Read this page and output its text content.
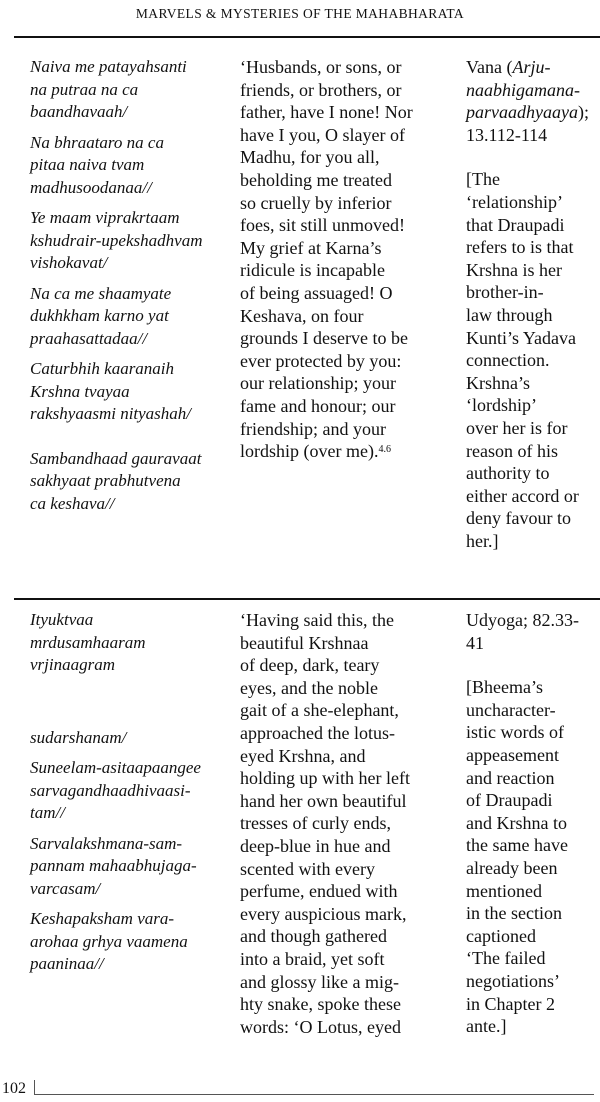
MARVELS & MYSTERIES OF THE MAHABHARATA
Naiva me patayahsanti
na putraa na ca
baandhavaah/
Na bhraataro na ca
pitaa naiva tvam
madhusoodanaa//
Ye maam viprakrtaam
kshudrair-upekshadhvam
vishokavat/
Na ca me shaamyate
dukhkham karno yat
praahasattadaa//
Caturbhih kaaranaih
Krshna tvayaa
rakshyaasmi nityashah/
Sambandhaad gauravaat
sakhyaat prabhutvena
ca keshava//
‘Husbands, or sons, or
friends, or brothers, or
father, have I none! Nor
have I you, O slayer of
Madhu, for you all,
beholding me treated
so cruelly by inferior
foes, sit still unmoved!
My grief at Karna’s
ridicule is incapable
of being assuaged! O
Keshava, on four
grounds I deserve to be
ever protected by you:
our relationship; your
fame and honour; our
friendship; and your
lordship (over me).$^{4.6}$
Vana (Arju-
naabhigamana-
parvaadhyaaya);
13.112-114
[The
‘relationship’
that Draupadi
refers to is that
Krshna is her
brother-in-
law through
Kunti’s Yadava
connection.
Krshna’s
‘lordship’
over her is for
reason of his
authority to
either accord or
deny favour to
her.]
Ityuktvaa
mrdusamhaaram
vrjinaagram
sudarshanam/
Suneelam-asitaapaangee
sarvagandhaadhivaasi-
tam//
Sarvalakshmana-sam-
pannam mahaabhujaga-
varcasam/
Keshapaksham vara-
arohaa grhya vaamena
paaninaa//
‘Having said this, the
beautiful Krshnaa
of deep, dark, teary
eyes, and the noble
gait of a she-elephant,
approached the lotus-
eyed Krshna, and
holding up with her left
hand her own beautiful
tresses of curly ends,
deep-blue in hue and
scented with every
perfume, endued with
every auspicious mark,
and though gathered
into a braid, yet soft
and glossy like a mig-
hty snake, spoke these
words: ‘O Lotus, eyed
Udyoga; 82.33-
41
[Bheema’s
uncharacter-
istic words of
appeasement
and reaction
of Draupadi
and Krshna to
the same have
already been
mentioned
in the section
captioned
‘The failed
negotiations’
in Chapter 2
ante.]
102
